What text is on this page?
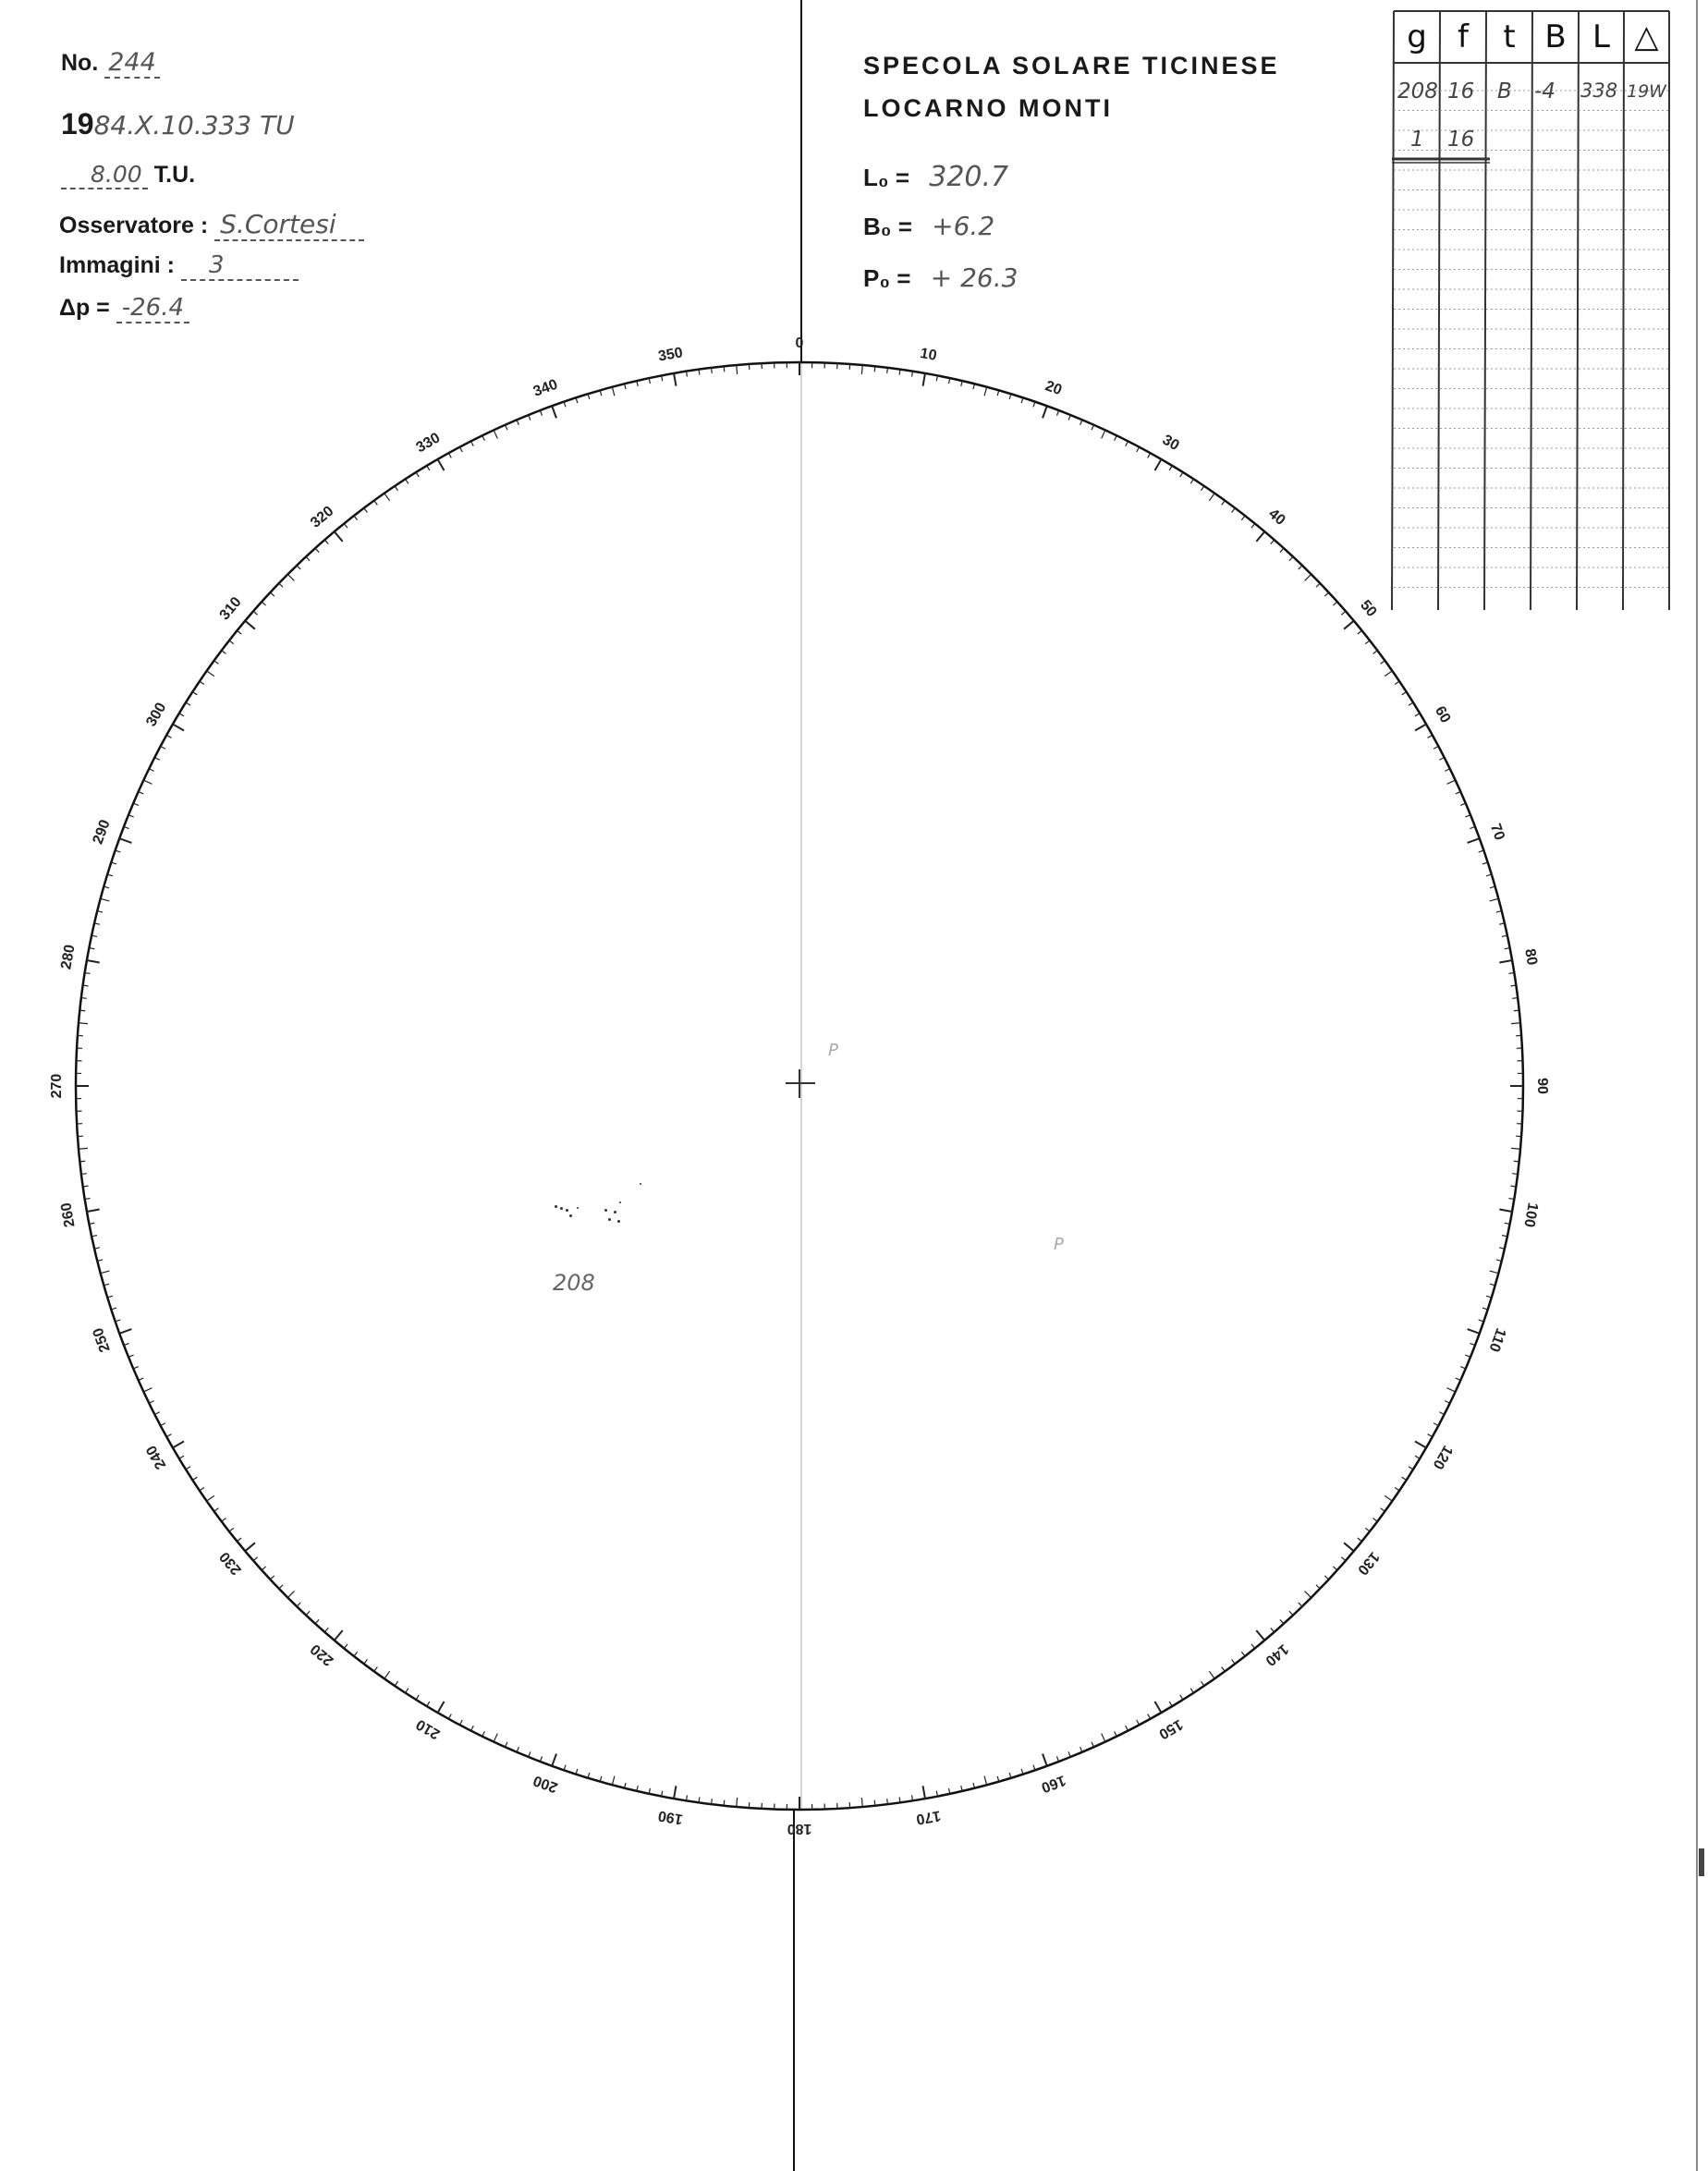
0
10
20
30
40
50
60
70
80
90
100
110
120
130
140
150
160
170
180
190
200
210
220
230
240
250
260
270
280
290
300
310
320
330
340
350
No. 244
1984.X.10.333 TU
8.00 T.U.
Osservatore : S.Cortesi
Immagini : 3
Δp = -26.4
SPECOLA SOLARE TICINESE
LOCARNO MONTI
L₀ = 320.7
B₀ = +6.2
P₀ = + 26.3
g f	t B L △
208 16 B -4 338 19W
1 16
208
P
P
